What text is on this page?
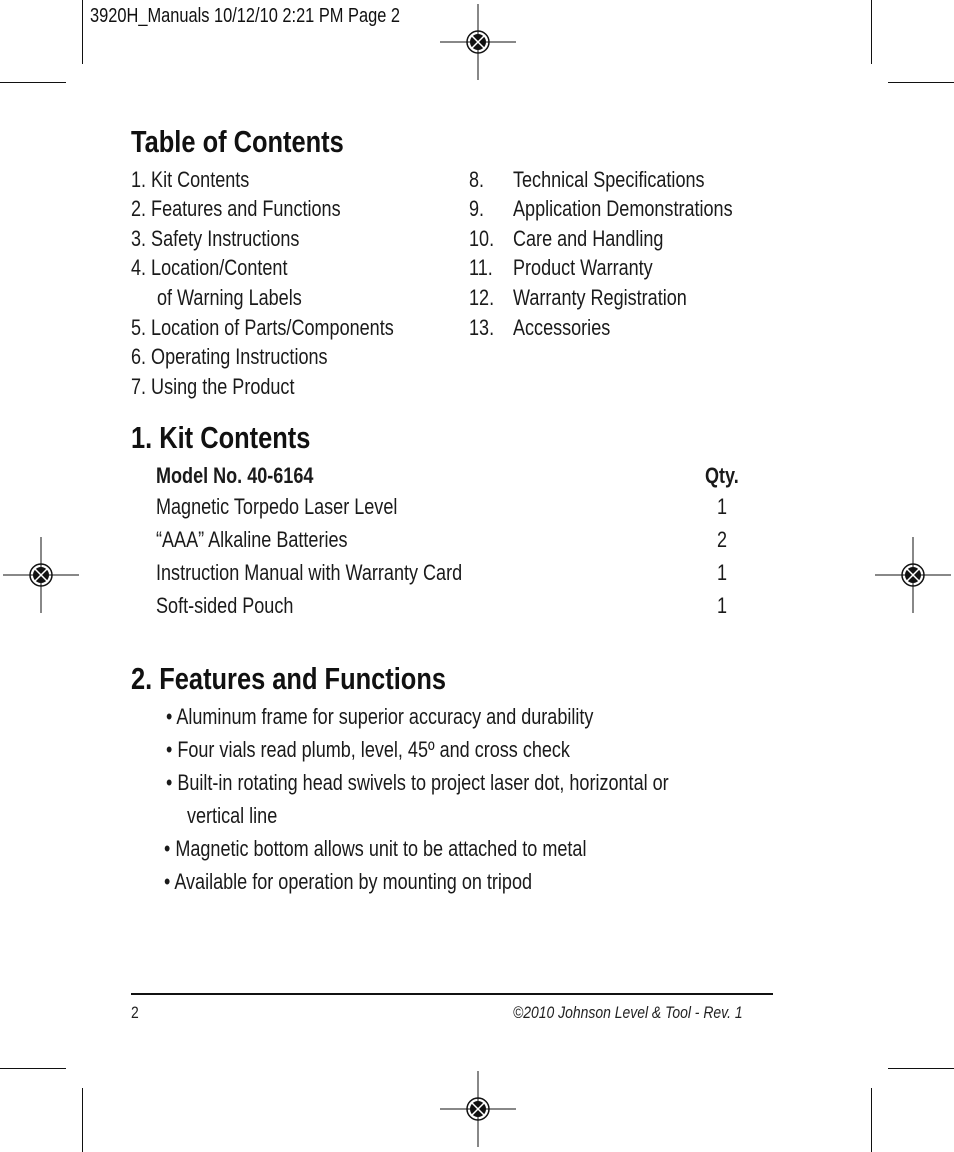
3920H_Manuals 10/12/10 2:21 PM Page 2
Table of Contents
1. Kit Contents
2. Features and Functions
3. Safety Instructions
4. Location/Content
of Warning Labels
5. Location of Parts/Components
6. Operating Instructions
7. Using the Product
8. Technical Specifications
9. Application Demonstrations
10. Care and Handling
11. Product Warranty
12. Warranty Registration
13. Accessories
1. Kit Contents
Model No. 40-6164	Qty.
Magnetic Torpedo Laser Level	1
“AAA” Alkaline Batteries	2
Instruction Manual with Warranty Card	1
Soft-sided Pouch	1
2. Features and Functions
• Aluminum frame for superior accuracy and durability
• Four vials read plumb, level, 45º and cross check
• Built-in rotating head swivels to project laser dot, horizontal or
vertical line
• Magnetic bottom allows unit to be attached to metal
• Available for operation by mounting on tripod
2	©2010 Johnson Level & Tool - Rev. 1
